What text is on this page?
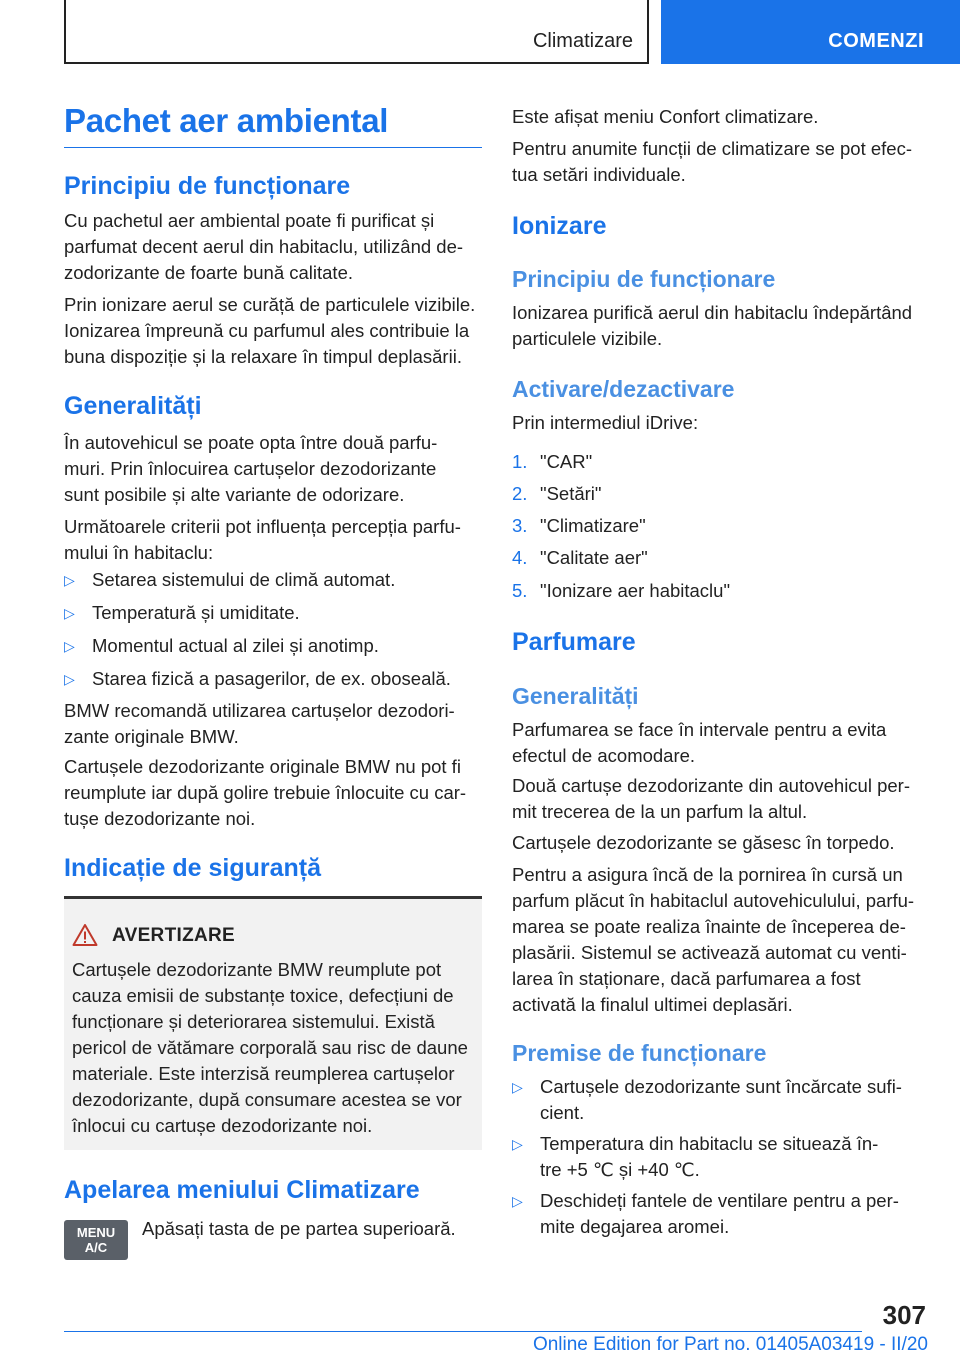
Climatizare	COMENZI
Pachet aer ambiental
Principiu de funcționare
Cu pachetul aer ambiental poate fi purificat și
parfumat decent aerul din habitaclu, utilizând de-
zodorizante de foarte bună calitate.
Prin ionizare aerul se curăță de particulele vizibile.
Ionizarea împreună cu parfumul ales contribuie la
buna dispoziție și la relaxare în timpul deplasării.
Generalități
În autovehicul se poate opta între două parfu-
muri. Prin înlocuirea cartușelor dezodorizante
sunt posibile și alte variante de odorizare.
Următoarele criterii pot influența percepția parfu-
mului în habitaclu:
▷ Setarea sistemului de climă automat.
▷ Temperatură și umiditate.
▷ Momentul actual al zilei și anotimp.
▷ Starea fizică a pasagerilor, de ex. oboseală.
BMW recomandă utilizarea cartușelor dezodori-
zante originale BMW.
Cartușele dezodorizante originale BMW nu pot fi
reumplute iar după golire trebuie înlocuite cu car-
tușe dezodorizante noi.
Indicație de siguranță
AVERTIZARE
Cartușele dezodorizante BMW reumplute pot
cauza emisii de substanțe toxice, defecțiuni de
funcționare și deteriorarea sistemului. Există
pericol de vătămare corporală sau risc de daune
materiale. Este interzisă reumplerea cartușelor
dezodorizante, după consumare acestea se vor
înlocui cu cartușe dezodorizante noi.
Apelarea meniului Climatizare
MENU
A/C
Apăsați tasta de pe partea superioară.
Este afișat meniu Confort climatizare.
Pentru anumite funcții de climatizare se pot efec-
tua setări individuale.
Ionizare
Principiu de funcționare
Ionizarea purifică aerul din habitaclu îndepărtând
particulele vizibile.
Activare/dezactivare
Prin intermediul iDrive:
1. "CAR"
2. "Setări"
3. "Climatizare"
4. "Calitate aer"
5. "Ionizare aer habitaclu"
Parfumare
Generalități
Parfumarea se face în intervale pentru a evita
efectul de acomodare.
Două cartușe dezodorizante din autovehicul per-
mit trecerea de la un parfum la altul.
Cartușele dezodorizante se găsesc în torpedo.
Pentru a asigura încă de la pornirea în cursă un
parfum plăcut în habitaclul autovehiculului, parfu-
marea se poate realiza înainte de începerea de-
plasării. Sistemul se activează automat cu venti-
larea în staționare, dacă parfumarea a fost
activată la finalul ultimei deplasări.
Premise de funcționare
▷ Cartușele dezodorizante sunt încărcate sufi-
cient.
▷ Temperatura din habitaclu se situează în-
tre +5 ℃ și +40 ℃.
▷ Deschideți fantele de ventilare pentru a per-
mite degajarea aromei.
307
Online Edition for Part no. 01405A03419 - II/20
